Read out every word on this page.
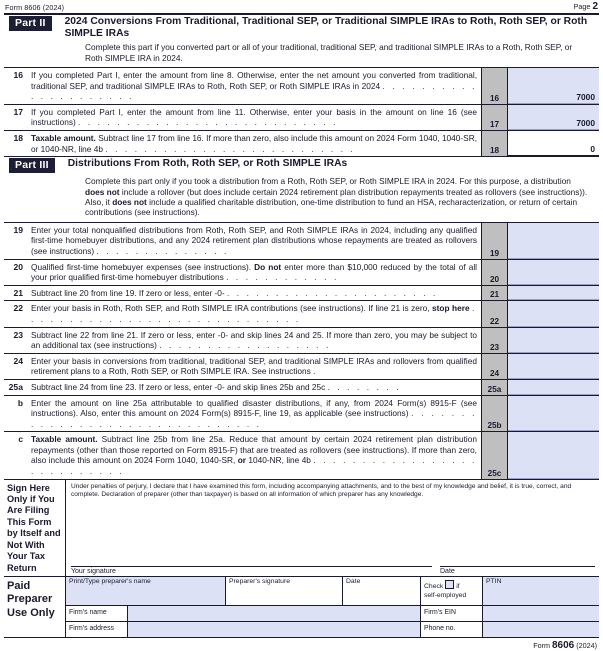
Form 8606 (2024)	Page 2
Part II	2024 Conversions From Traditional, Traditional SEP, or Traditional SIMPLE IRAs to Roth, Roth SEP, or Roth SIMPLE IRAs
Complete this part if you converted part or all of your traditional, traditional SEP, and traditional SIMPLE IRAs to a Roth, Roth SEP, or Roth SIMPLE IRA in 2024.
16 If you completed Part I, enter the amount from line 8. Otherwise, enter the net amount you converted from traditional, traditional SEP, and traditional SIMPLE IRAs to Roth, Roth SEP, or Roth SIMPLE IRAs in 2024 . . . . . . . . . . . . . . . . . . . . .	16	7000
17 If you completed Part I, enter the amount from line 11. Otherwise, enter your basis in the amount on line 16 (see instructions) . . . . . . . . . . . . . . . . . . . . . . . . . . .	17	7000
18 Taxable amount. Subtract line 17 from line 16. If more than zero, also include this amount on 2024 Form 1040, 1040-SR, or 1040-NR, line 4b . . . . . . . . . . . . . . . . . . . . . . . . . .	18	0
Part III	Distributions From Roth, Roth SEP, or Roth SIMPLE IRAs
Complete this part only if you took a distribution from a Roth, Roth SEP, or Roth SIMPLE IRA in 2024. For this purpose, a distribution does not include a rollover (but does include certain 2024 retirement plan distribution repayments treated as rollovers (see instructions)). Also, it does not include a qualified charitable distribution, one-time distribution to fund an HSA, recharacterization, or return of certain contributions (see instructions).
19 Enter your total nonqualified distributions from Roth, Roth SEP, and Roth SIMPLE IRAs in 2024, including any qualified first-time homebuyer distributions, and any 2024 retirement plan distributions whose repayments are treated as rollovers (see instructions) . . . . . . . . . . . . . .	19
20 Qualified first-time homebuyer expenses (see instructions). Do not enter more than $10,000 reduced by the total of all your prior qualified first-time homebuyer distributions . . . . . . . . . . . .	20
21 Subtract line 20 from line 19. If zero or less, enter -0- . . . . . . . . . . . . . . . . . . . . . .	21
22 Enter your basis in Roth, Roth SEP, and Roth SIMPLE IRA contributions (see instructions). If line 21 is zero, stop here . . . . . . . . . . . . . . . . . . . . . . . . . . . . .	22
23 Subtract line 22 from line 21. If zero or less, enter -0- and skip lines 24 and 25. If more than zero, you may be subject to an additional tax (see instructions) . . . . . . . . . . . . . . . . . .	23
24 Enter your basis in conversions from traditional, traditional SEP, and traditional SIMPLE IRAs and rollovers from qualified retirement plans to a Roth, Roth SEP, or Roth SIMPLE IRA. See instructions .	24
25a Subtract line 24 from line 23. If zero or less, enter -0- and skip lines 25b and 25c . . . . . . . .	25a
b Enter the amount on line 25a attributable to qualified disaster distributions, if any, from 2024 Form(s) 8915-F (see instructions). Also, enter this amount on 2024 Form(s) 8915-F, line 19, as applicable (see instructions) . . . . . . . . . . . . . . . . . . . . . . . . . . . . . . .	25b
c Taxable amount. Subtract line 25b from line 25a. Reduce that amount by certain 2024 retirement plan distribution repayments (other than those reported on Form 8915-F) that are treated as rollovers (see instructions). If more than zero, also include this amount on 2024 Form 1040, 1040-SR, or 1040-NR, line 4b . . . . . . . . . . . . . . . . . . . . . . . . . . .	25c
Sign Here Only if You Are Filing This Form by Itself and Not With Your Tax Return
Under penalties of perjury, I declare that I have examined this form, including accompanying attachments, and to the best of my knowledge and belief, it is true, correct, and complete. Declaration of preparer (other than taxpayer) is based on all information of which preparer has any knowledge.
Your signature	Date
Paid Preparer Use Only
Print/Type preparer's name	Preparer's signature	Date
Check if
self-employed
PTIN
Firm's name	Firm's EIN
Firm's address	Phone no.
Form 8606 (2024)
